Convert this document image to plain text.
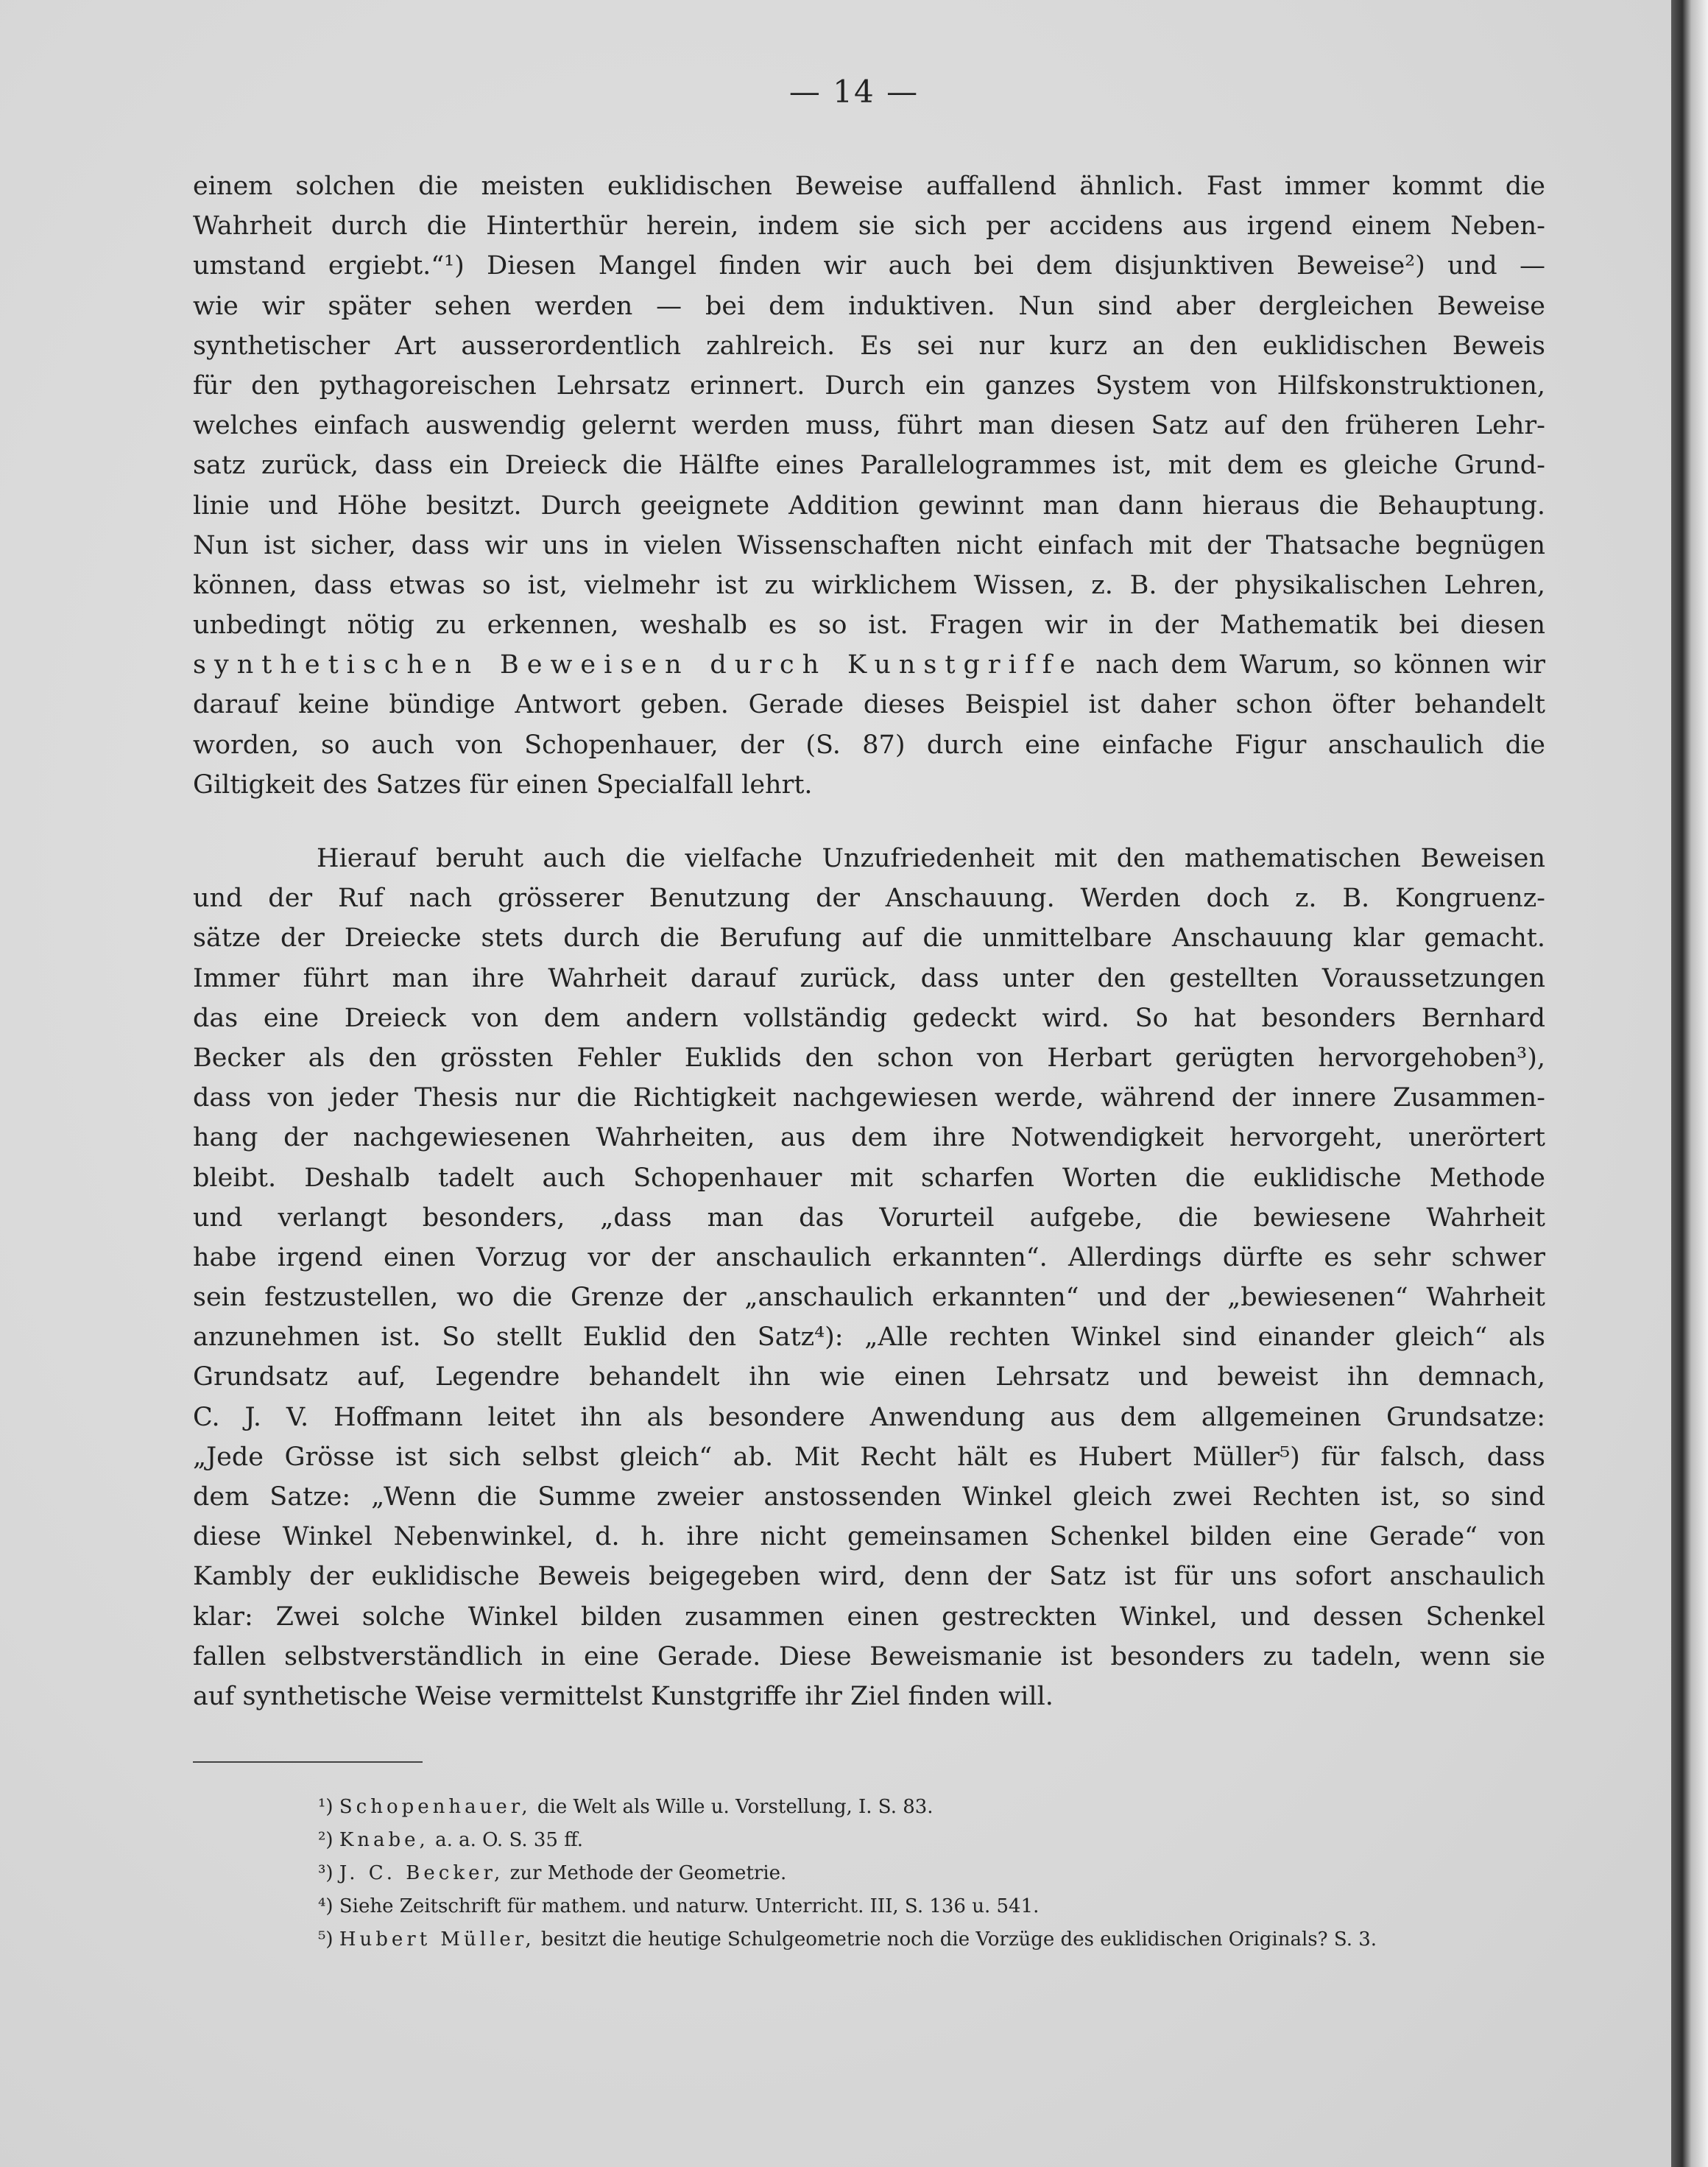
— 14 —
einem solchen die meisten euklidischen Beweise auffallend ähnlich. Fast immer kommt die
Wahrheit durch die Hinterthür herein, indem sie sich per accidens aus irgend einem Neben-
umstand ergiebt.“¹) Diesen Mangel finden wir auch bei dem disjunktiven Beweise²) und —
wie wir später sehen werden — bei dem induktiven. Nun sind aber dergleichen Beweise
synthetischer Art ausserordentlich zahlreich. Es sei nur kurz an den euklidischen Beweis
für den pythagoreischen Lehrsatz erinnert. Durch ein ganzes System von Hilfskonstruktionen,
welches einfach auswendig gelernt werden muss, führt man diesen Satz auf den früheren Lehr-
satz zurück, dass ein Dreieck die Hälfte eines Parallelogrammes ist, mit dem es gleiche Grund-
linie und Höhe besitzt. Durch geeignete Addition gewinnt man dann hieraus die Behauptung.
Nun ist sicher, dass wir uns in vielen Wissenschaften nicht einfach mit der Thatsache begnügen
können, dass etwas so ist, vielmehr ist zu wirklichem Wissen, z. B. der physikalischen Lehren,
unbedingt nötig zu erkennen, weshalb es so ist. Fragen wir in der Mathematik bei diesen
synthetischen Beweisen durch Kunstgriffe nach dem Warum, so können wir
darauf keine bündige Antwort geben. Gerade dieses Beispiel ist daher schon öfter behandelt
worden, so auch von Schopenhauer, der (S. 87) durch eine einfache Figur anschaulich die
Giltigkeit des Satzes für einen Specialfall lehrt.
Hierauf beruht auch die vielfache Unzufriedenheit mit den mathematischen Beweisen
und der Ruf nach grösserer Benutzung der Anschauung. Werden doch z. B. Kongruenz-
sätze der Dreiecke stets durch die Berufung auf die unmittelbare Anschauung klar gemacht.
Immer führt man ihre Wahrheit darauf zurück, dass unter den gestellten Voraussetzungen
das eine Dreieck von dem andern vollständig gedeckt wird. So hat besonders Bernhard
Becker als den grössten Fehler Euklids den schon von Herbart gerügten hervorgehoben³),
dass von jeder Thesis nur die Richtigkeit nachgewiesen werde, während der innere Zusammen-
hang der nachgewiesenen Wahrheiten, aus dem ihre Notwendigkeit hervorgeht, unerörtert
bleibt. Deshalb tadelt auch Schopenhauer mit scharfen Worten die euklidische Methode
und verlangt besonders, „dass man das Vorurteil aufgebe, die bewiesene Wahrheit
habe irgend einen Vorzug vor der anschaulich erkannten“. Allerdings dürfte es sehr schwer
sein festzustellen, wo die Grenze der „anschaulich erkannten“ und der „bewiesenen“ Wahrheit
anzunehmen ist. So stellt Euklid den Satz⁴): „Alle rechten Winkel sind einander gleich“ als
Grundsatz auf, Legendre behandelt ihn wie einen Lehrsatz und beweist ihn demnach,
C. J. V. Hoffmann leitet ihn als besondere Anwendung aus dem allgemeinen Grundsatze:
„Jede Grösse ist sich selbst gleich“ ab. Mit Recht hält es Hubert Müller⁵) für falsch, dass
dem Satze: „Wenn die Summe zweier anstossenden Winkel gleich zwei Rechten ist, so sind
diese Winkel Nebenwinkel, d. h. ihre nicht gemeinsamen Schenkel bilden eine Gerade“ von
Kambly der euklidische Beweis beigegeben wird, denn der Satz ist für uns sofort anschaulich
klar: Zwei solche Winkel bilden zusammen einen gestreckten Winkel, und dessen Schenkel
fallen selbstverständlich in eine Gerade. Diese Beweismanie ist besonders zu tadeln, wenn sie
auf synthetische Weise vermittelst Kunstgriffe ihr Ziel finden will.
¹) Schopenhauer, die Welt als Wille u. Vorstellung, I. S. 83.
²) Knabe, a. a. O. S. 35 ff.
³) J. C. Becker, zur Methode der Geometrie.
⁴) Siehe Zeitschrift für mathem. und naturw. Unterricht. III, S. 136 u. 541.
⁵) Hubert Müller, besitzt die heutige Schulgeometrie noch die Vorzüge des euklidischen Originals? S. 3.
